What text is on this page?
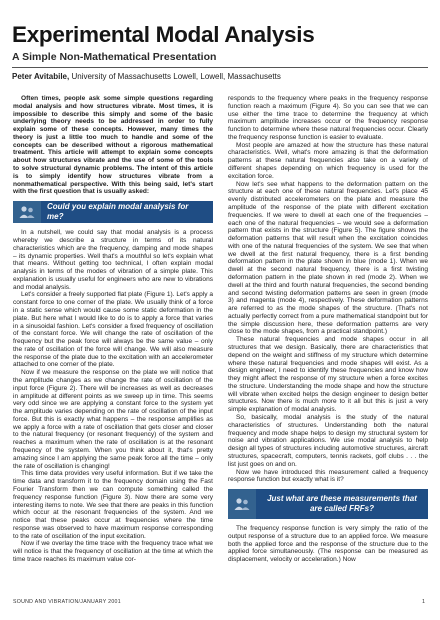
Experimental Modal Analysis
A Simple Non-Mathematical Presentation
Peter Avitabile, University of Massachusetts Lowell, Lowell, Massachusetts

Often times, people ask some simple questions regarding modal analysis and how structures vibrate. Most times, it is impossible to describe this simply and some of the basic underlying theory needs to be addressed in order to fully explain some of these concepts. However, many times the theory is just a little too much to handle and some of the concepts can be described without a rigorous mathematical treatment. This article will attempt to explain some concepts about how structures vibrate and the use of some of the tools to solve structural dynamic problems. The intent of this article is to simply identify how structures vibrate from a nonmathematical perspective. With this being said, let's start with the first question that is usually asked:

Could you explain modal analysis for me?

In a nutshell, we could say that modal analysis is a process whereby we describe a structure in terms of its natural characteristics which are the frequency, damping and mode shapes – its dynamic properties. Well that's a mouthful so let's explain what that means. Without getting too technical, I often explain modal analysis in terms of the modes of vibration of a simple plate. This explanation is usually useful for engineers who are new to vibrations and modal analysis.

Let's consider a freely supported flat plate (Figure 1). Let's apply a constant force to one corner of the plate. We usually think of a force in a static sense which would cause some static deformation in the plate. But here what I would like to do is to apply a force that varies in a sinusoidal fashion. Let's consider a fixed frequency of oscillation of the constant force. We will change the rate of oscillation of the frequency but the peak force will always be the same value – only the rate of oscillation of the force will change. We will also measure the response of the plate due to the excitation with an accelerometer attached to one corner of the plate.

Now if we measure the response on the plate we will notice that the amplitude changes as we change the rate of oscillation of the input force (Figure 2). There will be increases as well as decreases in amplitude at different points as we sweep up in time. This seems very odd since we are applying a constant force to the system yet the amplitude varies depending on the rate of oscillation of the input force. But this is exactly what happens – the response amplifies as we apply a force with a rate of oscillation that gets closer and closer to the natural frequency (or resonant frequency) of the system and reaches a maximum when the rate of oscillation is at the resonant frequency of the system. When you think about it, that's pretty amazing since I am applying the same peak force all the time – only the rate of oscillation is changing!

This time data provides very useful information. But if we take the time data and transform it to the frequency domain using the Fast Fourier Transform then we can compute something called the frequency response function (Figure 3). Now there are some very interesting items to note. We see that there are peaks in this function which occur at the resonant frequencies of the system. And we notice that these peaks occur at frequencies where the time response was observed to have maximum response corresponding to the rate of oscillation of the input excitation.

Now if we overlay the time trace with the frequency trace what we will notice is that the frequency of oscillation at the time at which the time trace reaches its maximum value cor-

responds to the frequency where peaks in the frequency response function reach a maximum (Figure 4). So you can see that we can use either the time trace to determine the frequency at which maximum amplitude increases occur or the frequency response function to determine where these natural frequencies occur. Clearly the frequency response function is easier to evaluate.

Most people are amazed at how the structure has these natural characteristics. Well, what's more amazing is that the deformation patterns at these natural frequencies also take on a variety of different shapes depending on which frequency is used for the excitation force.

Now let's see what happens to the deformation pattern on the structure at each one of these natural frequencies. Let's place 45 evenly distributed accelerometers on the plate and measure the amplitude of the response of the plate with different excitation frequencies. If we were to dwell at each one of the frequencies – each one of the natural frequencies – we would see a deformation pattern that exists in the structure (Figure 5). The figure shows the deformation patterns that will result when the excitation coincides with one of the natural frequencies of the system. We see that when we dwell at the first natural frequency, there is a first bending deformation pattern in the plate shown in blue (mode 1). When we dwell at the second natural frequency, there is a first twisting deformation pattern in the plate shown in red (mode 2). When we dwell at the third and fourth natural frequencies, the second bending and second twisting deformation patterns are seen in green (mode 3) and magenta (mode 4), respectively. These deformation patterns are referred to as the mode shapes of the structure. (That's not actually perfectly correct from a pure mathematical standpoint but for the simple discussion here, these deformation patterns are very close to the mode shapes, from a practical standpoint.)

These natural frequencies and mode shapes occur in all structures that we design. Basically, there are characteristics that depend on the weight and stiffness of my structure which determine where these natural frequencies and mode shapes will exist. As a design engineer, I need to identify these frequencies and know how they might affect the response of my structure when a force excites the structure. Understanding the mode shape and how the structure will vibrate when excited helps the design engineer to design better structures. Now there is much more to it all but this is just a very simple explanation of modal analysis.

So, basically, modal analysis is the study of the natural characteristics of structures. Understanding both the natural frequency and mode shape helps to design my structural system for noise and vibration applications. We use modal analysis to help design all types of structures including automotive structures, aircraft structures, spacecraft, computers, tennis rackets, golf clubs . . . the list just goes on and on.

Now we have introduced this measurement called a frequency response function but exactly what is it?

Just what are these measurements that are called FRFs?

The frequency response function is very simply the ratio of the output response of a structure due to an applied force. We measure both the applied force and the response of the structure due to the applied force simultaneously. (The response can be measured as displacement, velocity or acceleration.) Now

SOUND AND VIBRATION/JANUARY 2001	1
